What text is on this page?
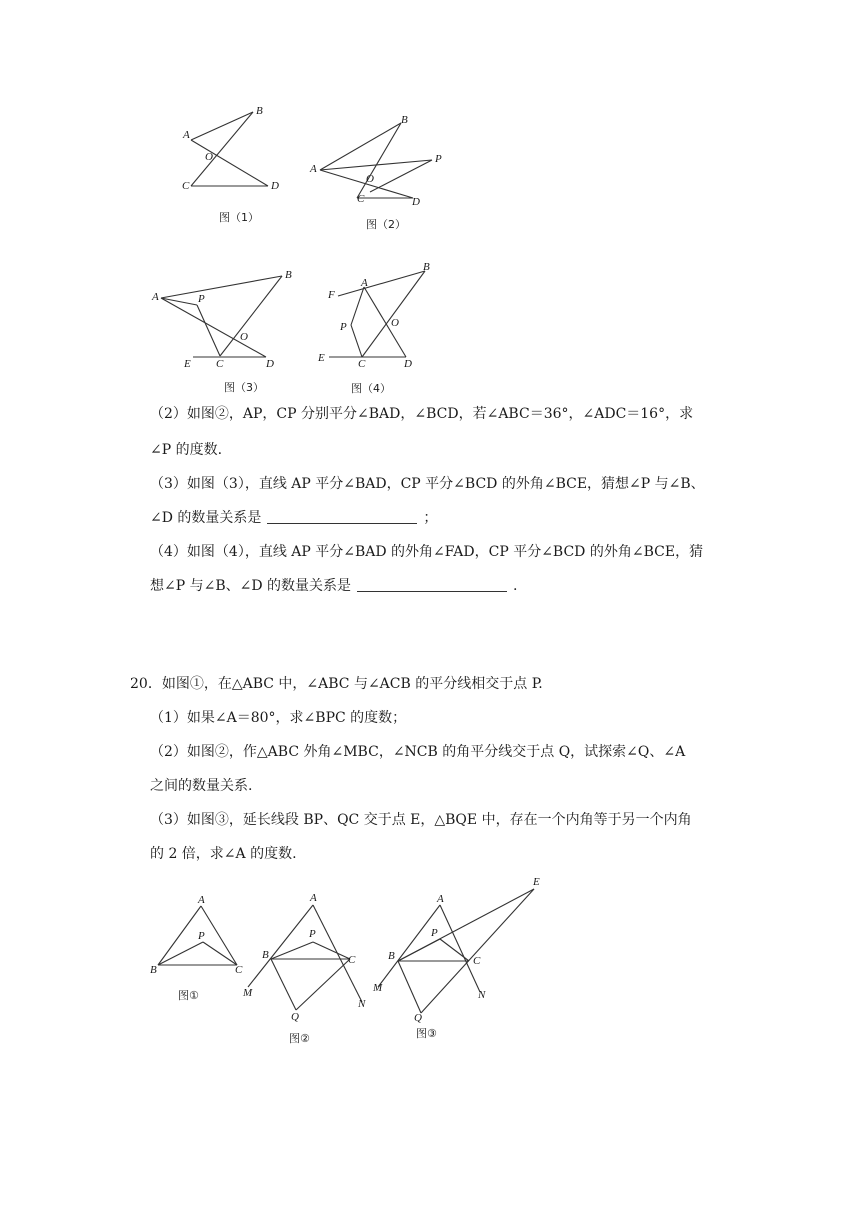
B
A
O
C	D
图（1）
B
P
A
O
C	D
图（2）
B
A	P
O
E C	D
图（3）
B
A
F
P	O
E	C	D
图（4）
（2）如图②，AP，CP 分别平分∠BAD，∠BCD，若∠ABC＝36°，∠ADC＝16°，求
∠P 的度数.
（3）如图（3），直线 AP 平分∠BAD，CP 平分∠BCD 的外角∠BCE，猜想∠P 与∠B、
∠D 的数量关系是	；
（4）如图（4），直线 AP 平分∠BAD 的外角∠FAD，CP 平分∠BCD 的外角∠BCE，猜
想∠P 与∠B、∠D 的数量关系是	.
20．如图①，在△ABC 中，∠ABC 与∠ACB 的平分线相交于点 P.
（1）如果∠A＝80°，求∠BPC 的度数；
（2）如图②，作△ABC 外角∠MBC，∠NCB 的角平分线交于点 Q，试探索∠Q、∠A
之间的数量关系.
（3）如图③，延长线段 BP、QC 交于点 E，△BQE 中，存在一个内角等于另一个内角
的 2 倍，求∠A 的度数.
A
P
B	C
图①
A
P
B	C
M
N
Q
图②
E
A
P
B	C
M
N
Q
图③
